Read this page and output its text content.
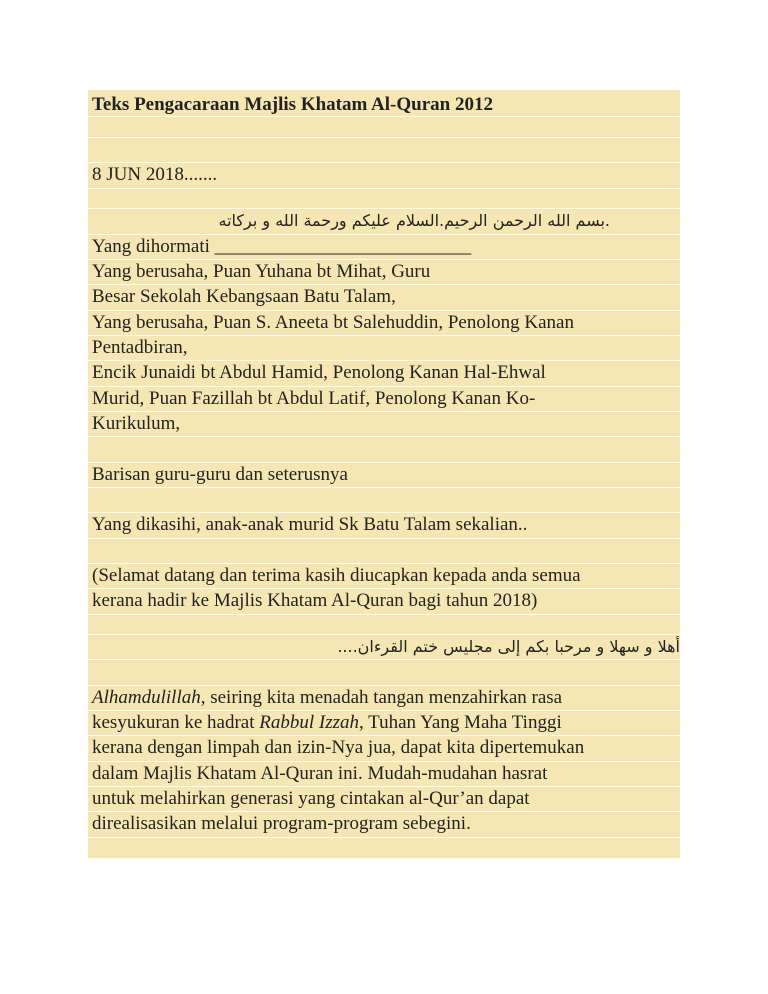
Teks Pengacaraan Majlis Khatam Al-Quran 2012
8 JUN 2018.......
.بسم الله الرحمن الرحيم.السلام عليكم ورحمة الله و بركاته
Yang dihormati ___________________________
Yang berusaha, Puan Yuhana bt Mihat, Guru
Besar Sekolah Kebangsaan Batu Talam,
Yang berusaha, Puan S. Aneeta bt Salehuddin, Penolong Kanan
Pentadbiran,
Encik Junaidi bt Abdul Hamid, Penolong Kanan Hal-Ehwal
Murid, Puan Fazillah bt Abdul Latif, Penolong Kanan Ko-
Kurikulum,
Barisan guru-guru dan seterusnya
Yang dikasihi, anak-anak murid Sk Batu Talam sekalian..
(Selamat datang dan terima kasih diucapkan kepada anda semua
kerana hadir ke Majlis Khatam Al-Quran bagi tahun 2018)
أهلا و سهلا و مرحبا بكم إلى مجليس ختم القرءان....
Alhamdulillah, seiring kita menadah tangan menzahirkan rasa
kesyukuran ke hadrat Rabbul Izzah, Tuhan Yang Maha Tinggi
kerana dengan limpah dan izin-Nya jua, dapat kita dipertemukan
dalam Majlis Khatam Al-Quran ini. Mudah-mudahan hasrat
untuk melahirkan generasi yang cintakan al-Qur’an dapat
direalisasikan melalui program-program sebegini.
